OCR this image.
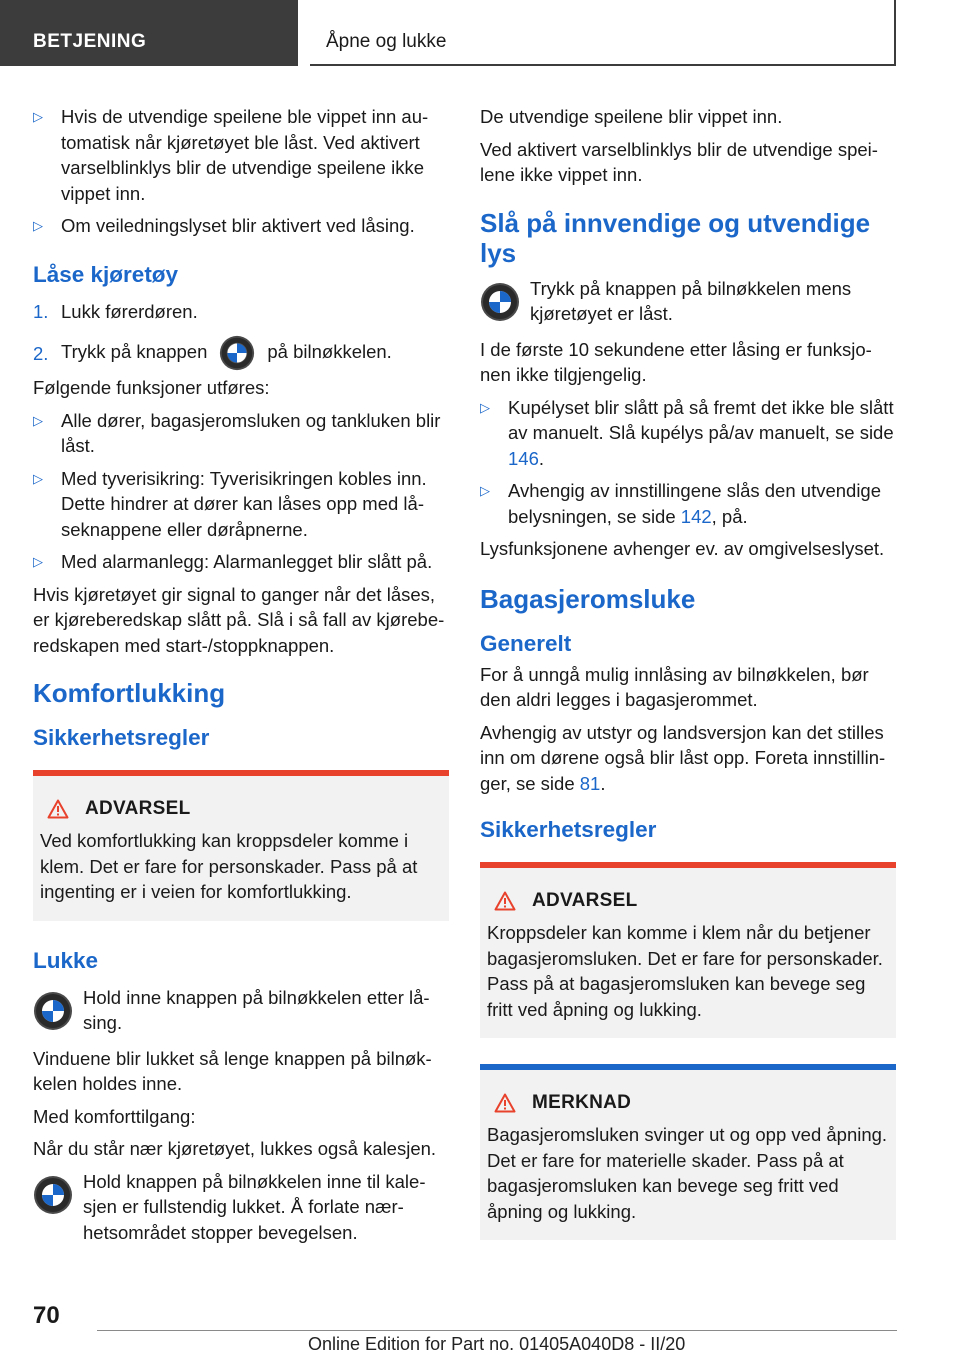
BETJENING	Åpne og lukke
▷ Hvis de utvendige speilene ble vippet inn automatisk når kjøretøyet ble låst. Ved aktivert varselblinklys blir de utvendige speilene ikke vippet inn.
▷ Om veiledningslyset blir aktivert ved låsing.
Låse kjøretøy
1. Lukk førerdøren.
2. Trykk på knappen	på bilnøkkelen.

Følgende funksjoner utføres:

▷ Alle dører, bagasjeromsluken og tankluken blir låst.
▷ Med tyverisikring: Tyverisikringen kobles inn. Dette hindrer at dører kan låses opp med låseknappene eller døråpnerne.
▷ Med alarmanlegg: Alarmanlegget blir slått på.

Hvis kjøretøyet gir signal to ganger når det låses, er kjøreberedskap slått på. Slå i så fall av kjøreberedskapen med start-/stoppknappen.

Komfortlukking
Sikkerhetsregler
ADVARSEL

Ved komfortlukking kan kroppsdeler komme i klem. Det er fare for personskader. Pass på at ingenting er i veien for komfortlukking.

Lukke
Hold inne knappen på bilnøkkelen etter låsing.

Vinduene blir lukket så lenge knappen på bilnøkkelen holdes inne.

Med komforttilgang:

Når du står nær kjøretøyet, lukkes også kalesjen.

Hold knappen på bilnøkkelen inne til kalesjen er fullstendig lukket. Å forlate nærhetsområdet stopper bevegelsen.

De utvendige speilene blir vippet inn.

Ved aktivert varselblinklys blir de utvendige speilene ikke vippet inn.

Slå på innvendige og utvendige lys
Trykk på knappen på bilnøkkelen mens kjøretøyet er låst.

I de første 10 sekundene etter låsing er funksjonen ikke tilgjengelig.

▷ Kupélyset blir slått på så fremt det ikke ble slått av manuelt. Slå kupélys på/av manuelt, se side 146.
▷ Avhengig av innstillingene slås den utvendige belysningen, se side 142, på.

Lysfunksjonene avhenger ev. av omgivelseslyset.

Bagasjeromsluke
Generelt

For å unngå mulig innlåsing av bilnøkkelen, bør den aldri legges i bagasjerommet.

Avhengig av utstyr og landsversjon kan det stilles inn om dørene også blir låst opp. Foreta innstillinger, se side 81.

Sikkerhetsregler
ADVARSEL

Kroppsdeler kan komme i klem når du betjener bagasjeromsluken. Det er fare for personskader. Pass på at bagasjeromsluken kan bevege seg fritt ved åpning og lukking.

MERKNAD

Bagasjeromsluken svinger ut og opp ved åpning. Det er fare for materielle skader. Pass på at bagasjeromsluken kan bevege seg fritt ved åpning og lukking.

70
Online Edition for Part no. 01405A040D8 - II/20
